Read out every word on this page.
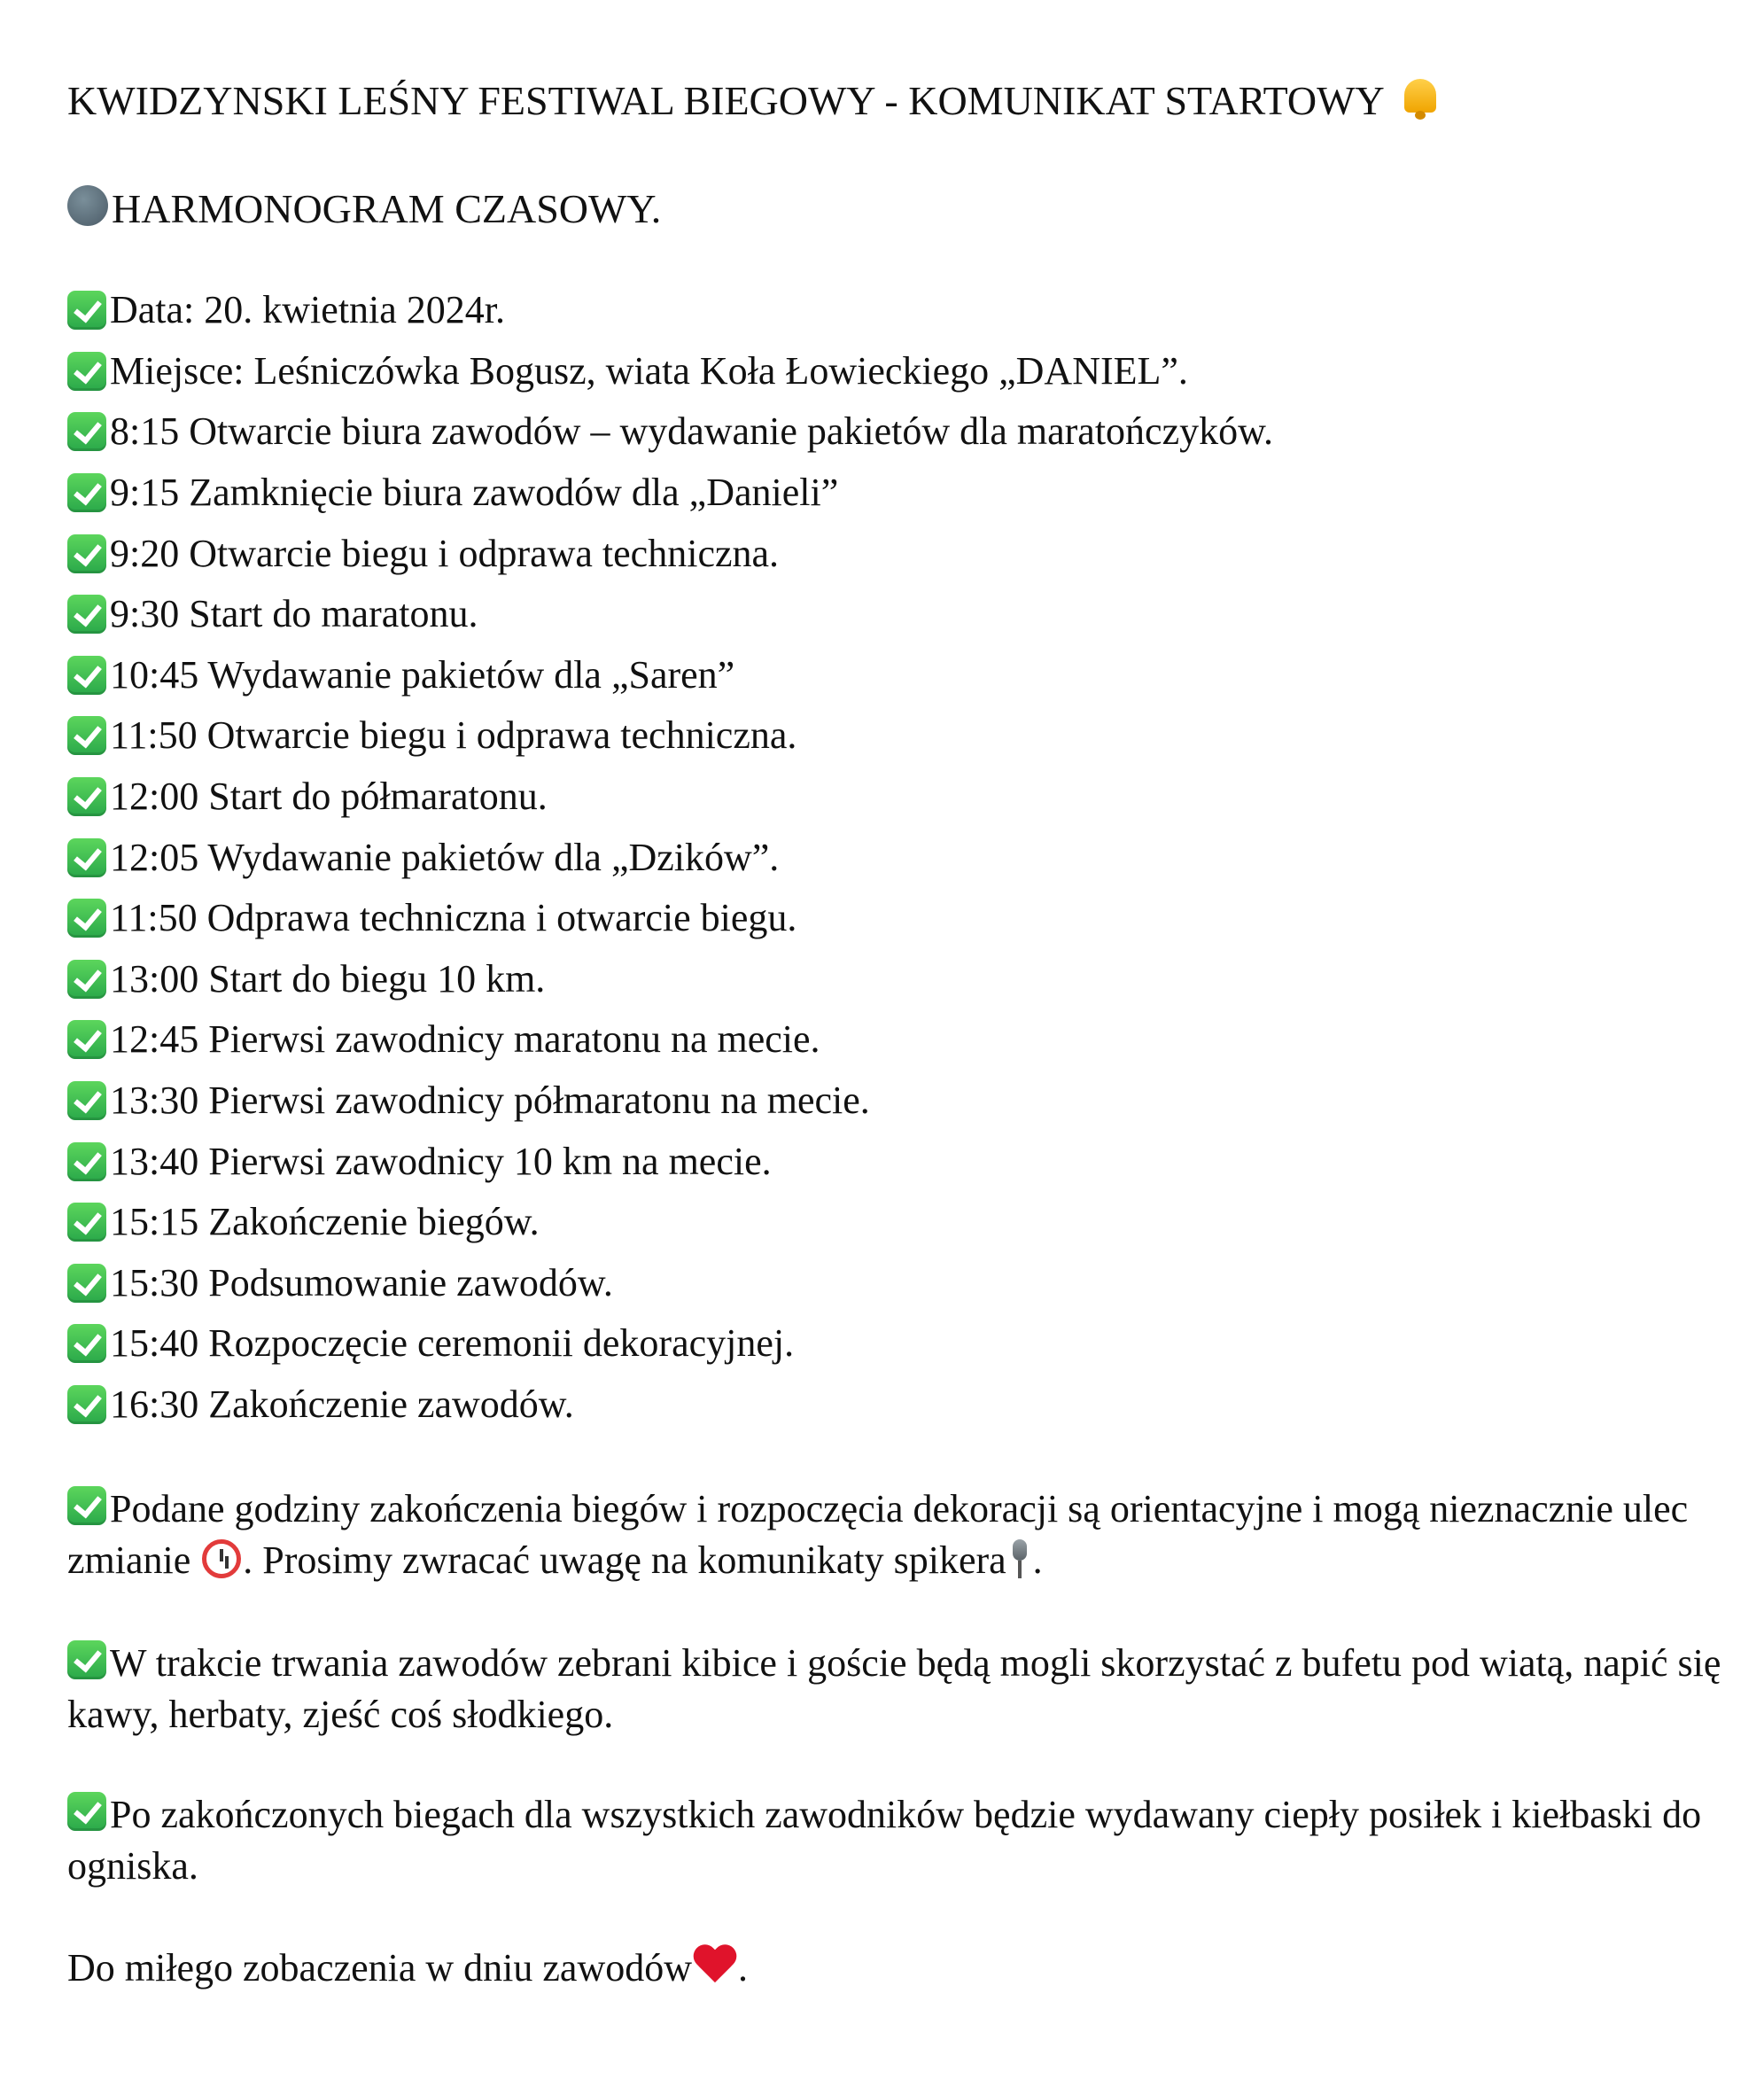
KWIDZYNSKI LEŚNY FESTIWAL BIEGOWY - KOMUNIKAT STARTOWY
HARMONOGRAM CZASOWY.
Data: 20. kwietnia 2024r.
Miejsce: Leśniczówka Bogusz, wiata Koła Łowieckiego „DANIEL”.
8:15 Otwarcie biura zawodów – wydawanie pakietów dla maratończyków.
9:15 Zamknięcie biura zawodów dla „Danieli”
9:20 Otwarcie biegu i odprawa techniczna.
9:30 Start do maratonu.
10:45 Wydawanie pakietów dla „Saren”
11:50 Otwarcie biegu i odprawa techniczna.
12:00 Start do półmaratonu.
12:05 Wydawanie pakietów dla „Dzików”.
11:50 Odprawa techniczna i otwarcie biegu.
13:00 Start do biegu 10 km.
12:45 Pierwsi zawodnicy maratonu na mecie.
13:30 Pierwsi zawodnicy półmaratonu na mecie.
13:40 Pierwsi zawodnicy 10 km na mecie.
15:15 Zakończenie biegów.
15:30 Podsumowanie zawodów.
15:40 Rozpoczęcie ceremonii dekoracyjnej.
16:30 Zakończenie zawodów.

Podane godziny zakończenia biegów i rozpoczęcia dekoracji są orientacyjne i mogą nieznacznie ulec zmianie . Prosimy zwracać uwagę na komunikaty spikera .

W trakcie trwania zawodów zebrani kibice i goście będą mogli skorzystać z bufetu pod wiatą, napić się kawy, herbaty, zjeść coś słodkiego.

Po zakończonych biegach dla wszystkich zawodników będzie wydawany ciepły posiłek i kiełbaski do ogniska.

Do miłego zobaczenia w dniu zawodów .
